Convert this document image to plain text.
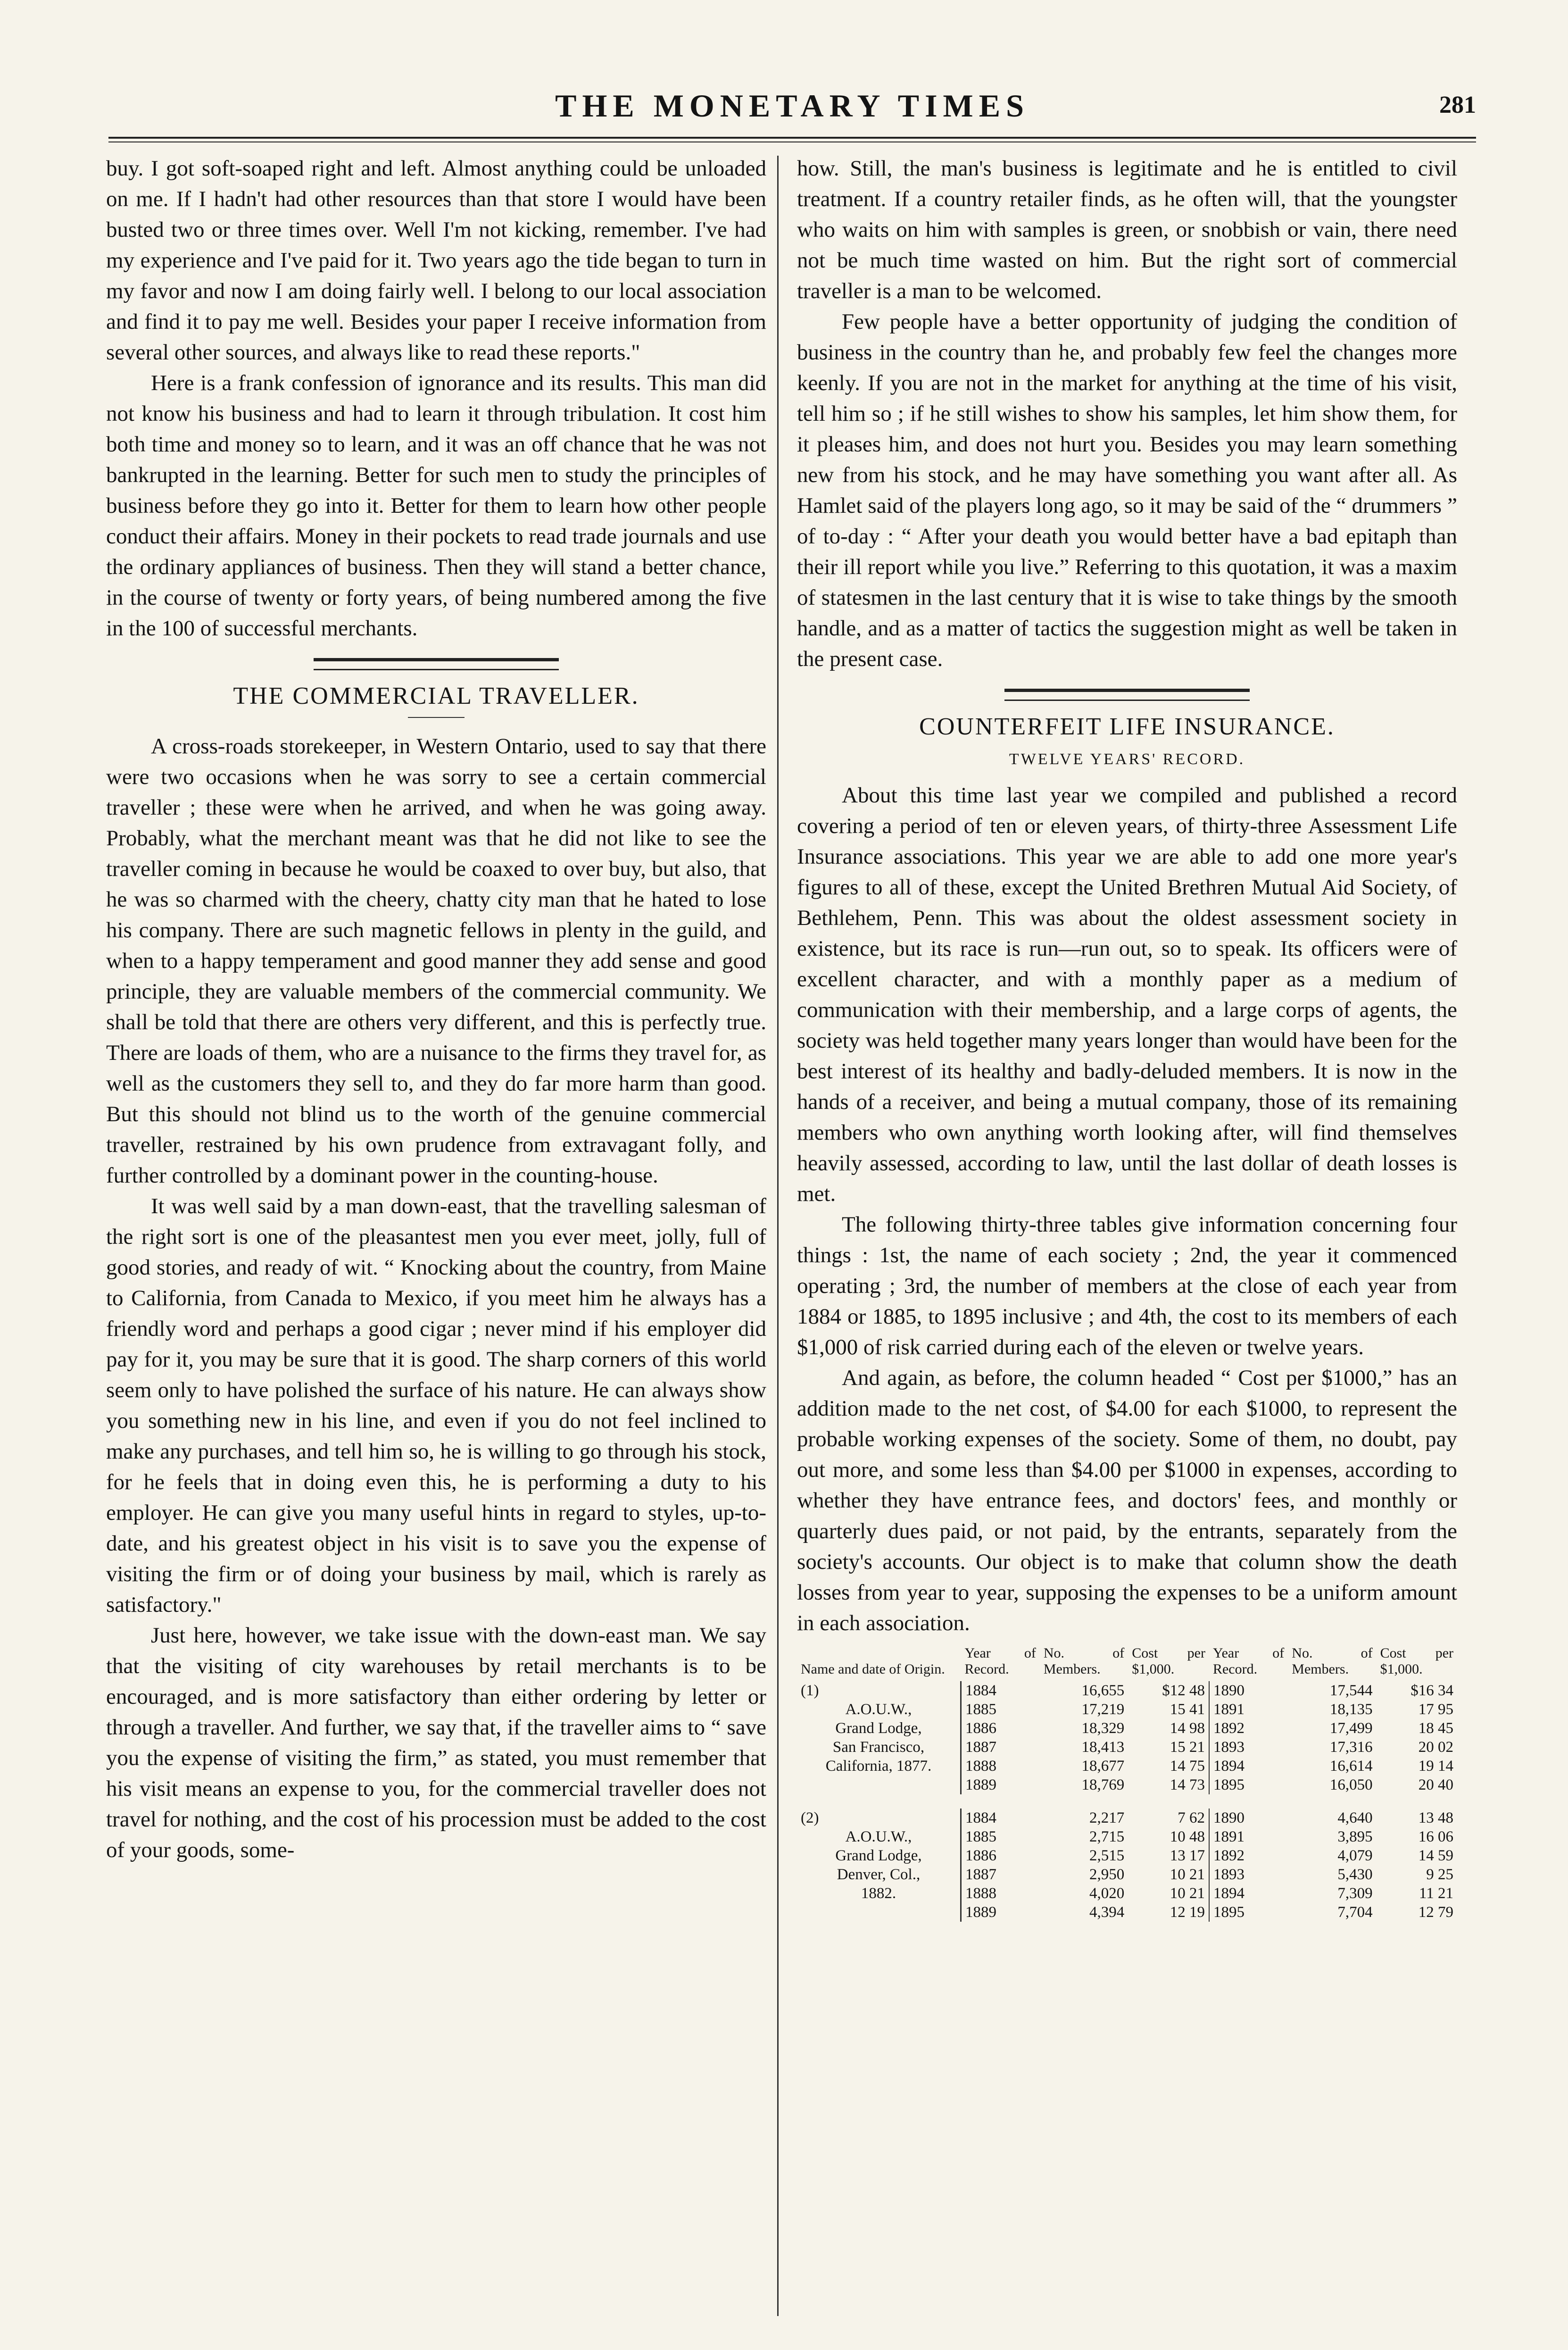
THE MONETARY TIMES	281

buy. I got soft-soaped right and left. Almost anything could be unloaded on me. If I hadn't had other resources than that store I would have been busted two or three times over. Well I'm not kicking, remember. I've had my experience and I've paid for it. Two years ago the tide began to turn in my favor and now I am doing fairly well. I belong to our local association and find it to pay me well. Besides your paper I receive information from several other sources, and always like to read these reports."

Here is a frank confession of ignorance and its results. This man did not know his business and had to learn it through tribulation. It cost him both time and money so to learn, and it was an off chance that he was not bankrupted in the learning. Better for such men to study the principles of business before they go into it. Better for them to learn how other people conduct their affairs. Money in their pockets to read trade journals and use the ordinary appliances of business. Then they will stand a better chance, in the course of twenty or forty years, of being numbered among the five in the 100 of successful merchants.

THE COMMERCIAL TRAVELLER.

A cross-roads storekeeper, in Western Ontario, used to say that there were two occasions when he was sorry to see a certain commercial traveller ; these were when he arrived, and when he was going away. Probably, what the merchant meant was that he did not like to see the traveller coming in because he would be coaxed to over buy, but also, that he was so charmed with the cheery, chatty city man that he hated to lose his company. There are such magnetic fellows in plenty in the guild, and when to a happy temperament and good manner they add sense and good principle, they are valuable members of the commercial community. We shall be told that there are others very different, and this is perfectly true. There are loads of them, who are a nuisance to the firms they travel for, as well as the customers they sell to, and they do far more harm than good. But this should not blind us to the worth of the genuine commercial traveller, restrained by his own prudence from extravagant folly, and further controlled by a dominant power in the counting-house.

It was well said by a man down-east, that the travelling salesman of the right sort is one of the pleasantest men you ever meet, jolly, full of good stories, and ready of wit. “ Knocking about the country, from Maine to California, from Canada to Mexico, if you meet him he always has a friendly word and perhaps a good cigar ; never mind if his employer did pay for it, you may be sure that it is good. The sharp corners of this world seem only to have polished the surface of his nature. He can always show you something new in his line, and even if you do not feel inclined to make any purchases, and tell him so, he is willing to go through his stock, for he feels that in doing even this, he is performing a duty to his employer. He can give you many useful hints in regard to styles, up-to-date, and his greatest object in his visit is to save you the expense of visiting the firm or of doing your business by mail, which is rarely as satisfactory."

Just here, however, we take issue with the down-east man. We say that the visiting of city warehouses by retail merchants is to be encouraged, and is more satisfactory than either ordering by letter or through a traveller. And further, we say that, if the traveller aims to “ save you the expense of visiting the firm,” as stated, you must remember that his visit means an expense to you, for the commercial traveller does not travel for nothing, and the cost of his procession must be added to the cost of your goods, some-

how. Still, the man's business is legitimate and he is entitled to civil treatment. If a country retailer finds, as he often will, that the youngster who waits on him with samples is green, or snobbish or vain, there need not be much time wasted on him. But the right sort of commercial traveller is a man to be welcomed.

Few people have a better opportunity of judging the condition of business in the country than he, and probably few feel the changes more keenly. If you are not in the market for anything at the time of his visit, tell him so ; if he still wishes to show his samples, let him show them, for it pleases him, and does not hurt you. Besides you may learn something new from his stock, and he may have something you want after all. As Hamlet said of the players long ago, so it may be said of the “ drummers ” of to-day : “ After your death you would better have a bad epitaph than their ill report while you live.” Referring to this quotation, it was a maxim of statesmen in the last century that it is wise to take things by the smooth handle, and as a matter of tactics the suggestion might as well be taken in the present case.

COUNTERFEIT LIFE INSURANCE.
TWELVE YEARS' RECORD.

About this time last year we compiled and published a record covering a period of ten or eleven years, of thirty-three Assessment Life Insurance associations. This year we are able to add one more year's figures to all of these, except the United Brethren Mutual Aid Society, of Bethlehem, Penn. This was about the oldest assessment society in existence, but its race is run—run out, so to speak. Its officers were of excellent character, and with a monthly paper as a medium of communication with their membership, and a large corps of agents, the society was held together many years longer than would have been for the best interest of its healthy and badly-deluded members. It is now in the hands of a receiver, and being a mutual company, those of its remaining members who own anything worth looking after, will find themselves heavily assessed, according to law, until the last dollar of death losses is met.

The following thirty-three tables give information concerning four things : 1st, the name of each society ; 2nd, the year it commenced operating ; 3rd, the number of members at the close of each year from 1884 or 1885, to 1895 inclusive ; and 4th, the cost to its members of each $1,000 of risk carried during each of the eleven or twelve years.

And again, as before, the column headed “ Cost per $1000,” has an addition made to the net cost, of $4.00 for each $1000, to represent the probable working expenses of the society. Some of them, no doubt, pay out more, and some less than $4.00 per $1000 in expenses, according to whether they have entrance fees, and doctors' fees, and monthly or quarterly dues paid, or not paid, by the entrants, separately from the society's accounts. Our object is to make that column show the death losses from year to year, supposing the expenses to be a uniform amount in each association.

Name and date of Origin.	Year of Record.	No. of Members.	Cost per $1,000.	Year of Record.	No. of Members.	Cost per $1,000.
(1)	1884	16,655	$12 48	1890	17,544	$16 34
A.O.U.W.,	1885	17,219	15 41	1891	18,135	17 95
Grand Lodge,	1886	18,329	14 98	1892	17,499	18 45
San Francisco,	1887	18,413	15 21	1893	17,316	20 02
California, 1877.	1888	18,677	14 75	1894	16,614	19 14
	1889	18,769	14 73	1895	16,050	20 40

(2)	1884	2,217	7 62	1890	4,640	13 48
A.O.U.W.,	1885	2,715	10 48	1891	3,895	16 06
Grand Lodge,	1886	2,515	13 17	1892	4,079	14 59
Denver, Col.,	1887	2,950	10 21	1893	5,430	9 25
1882.	1888	4,020	10 21	1894	7,309	11 21
	1889	4,394	12 19	1895	7,704	12 79
